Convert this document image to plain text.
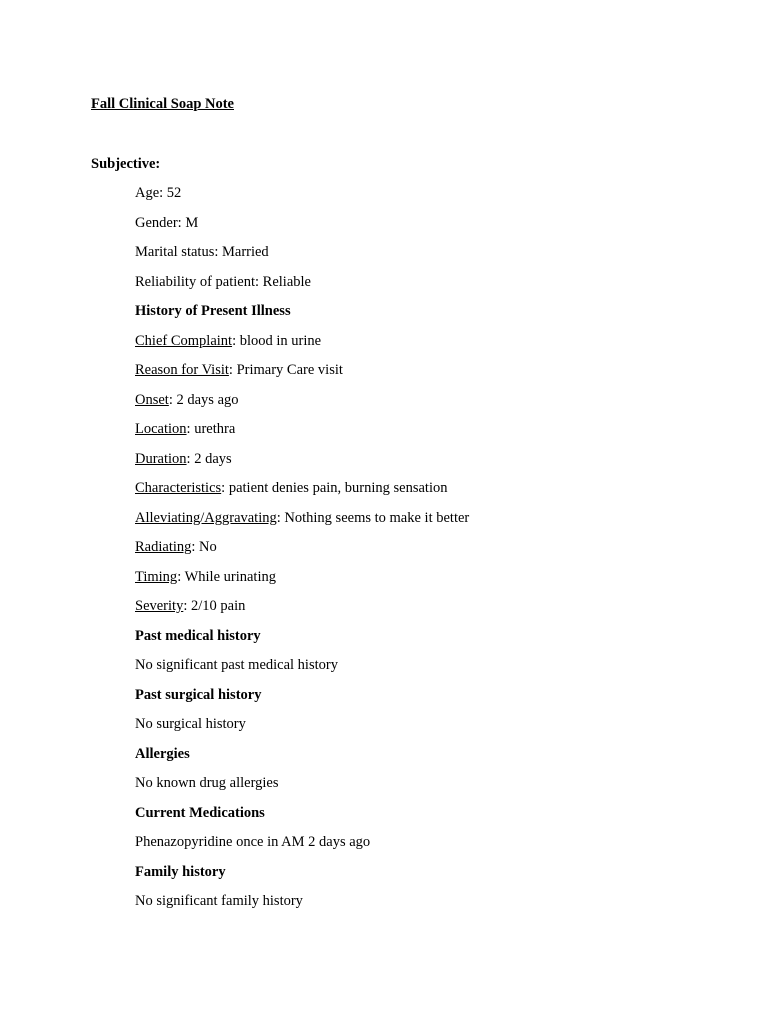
Fall Clinical Soap Note
Subjective:
Age: 52
Gender: M
Marital status: Married
Reliability of patient: Reliable
History of Present Illness
Chief Complaint: blood in urine
Reason for Visit: Primary Care visit
Onset: 2 days ago
Location: urethra
Duration: 2 days
Characteristics: patient denies pain, burning sensation
Alleviating/Aggravating: Nothing seems to make it better
Radiating: No
Timing: While urinating
Severity: 2/10 pain
Past medical history
No significant past medical history
Past surgical history
No surgical history
Allergies
No known drug allergies
Current Medications
Phenazopyridine once in AM 2 days ago
Family history
No significant family history
